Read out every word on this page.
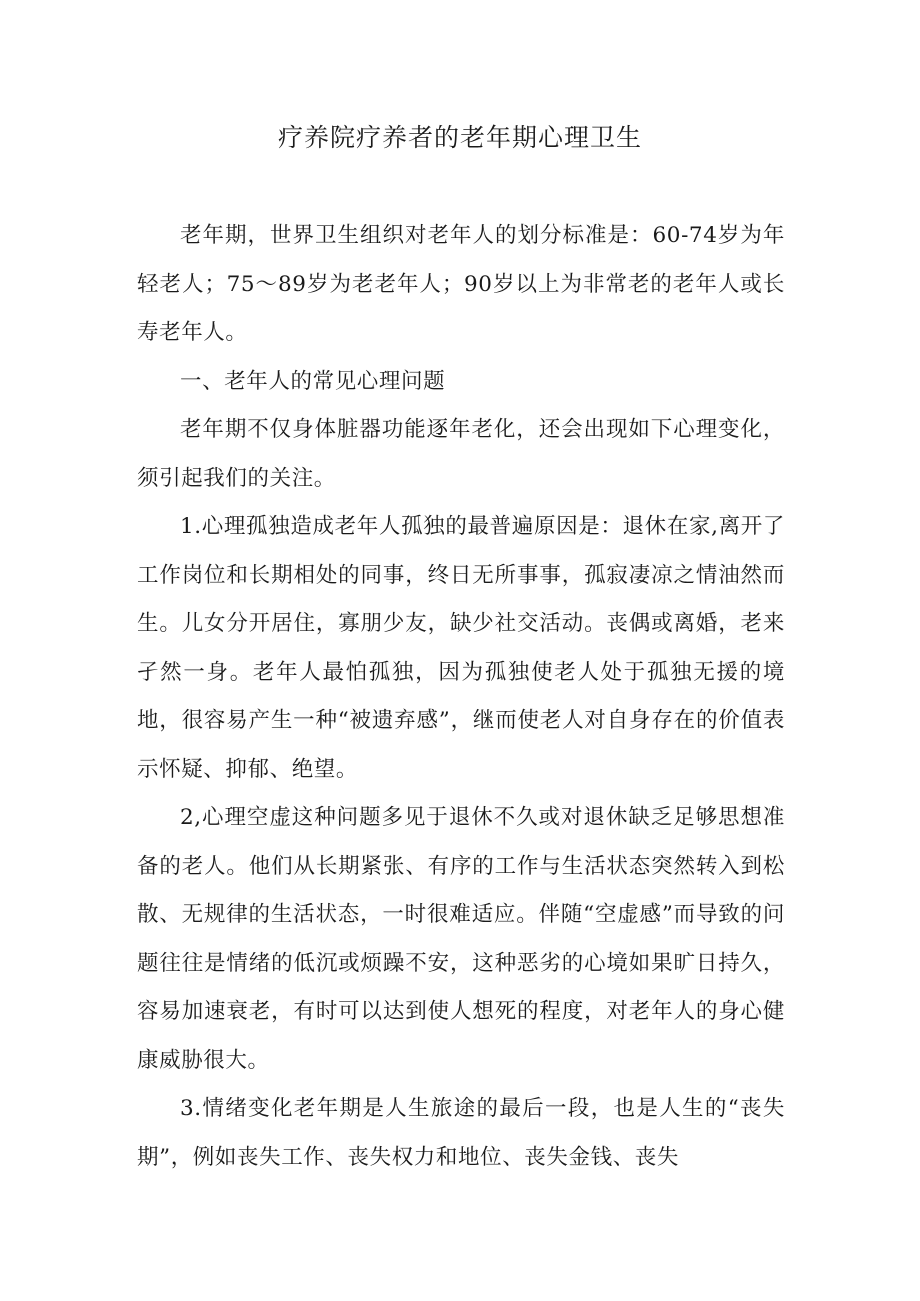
疗养院疗养者的老年期心理卫生

老年期，世界卫生组织对老年人的划分标准是：60-74岁为年轻老人；75～89岁为老老年人；90岁以上为非常老的老年人或长寿老年人。

一、老年人的常见心理问题

老年期不仅身体脏器功能逐年老化，还会出现如下心理变化，须引起我们的关注。

1.心理孤独造成老年人孤独的最普遍原因是：退休在家,离开了工作岗位和长期相处的同事，终日无所事事，孤寂凄凉之情油然而生。儿女分开居住，寡朋少友，缺少社交活动。丧偶或离婚，老来孑然一身。老年人最怕孤独，因为孤独使老人处于孤独无援的境地，很容易产生一种“被遗弃感”，继而使老人对自身存在的价值表示怀疑、抑郁、绝望。

2,心理空虚这种问题多见于退休不久或对退休缺乏足够思想准备的老人。他们从长期紧张、有序的工作与生活状态突然转入到松散、无规律的生活状态，一时很难适应。伴随“空虚感”而导致的问题往往是情绪的低沉或烦躁不安，这种恶劣的心境如果旷日持久，容易加速衰老，有时可以达到使人想死的程度，对老年人的身心健康威胁很大。

3.情绪变化老年期是人生旅途的最后一段，也是人生的“丧失期”，例如丧失工作、丧失权力和地位、丧失金钱、丧失
